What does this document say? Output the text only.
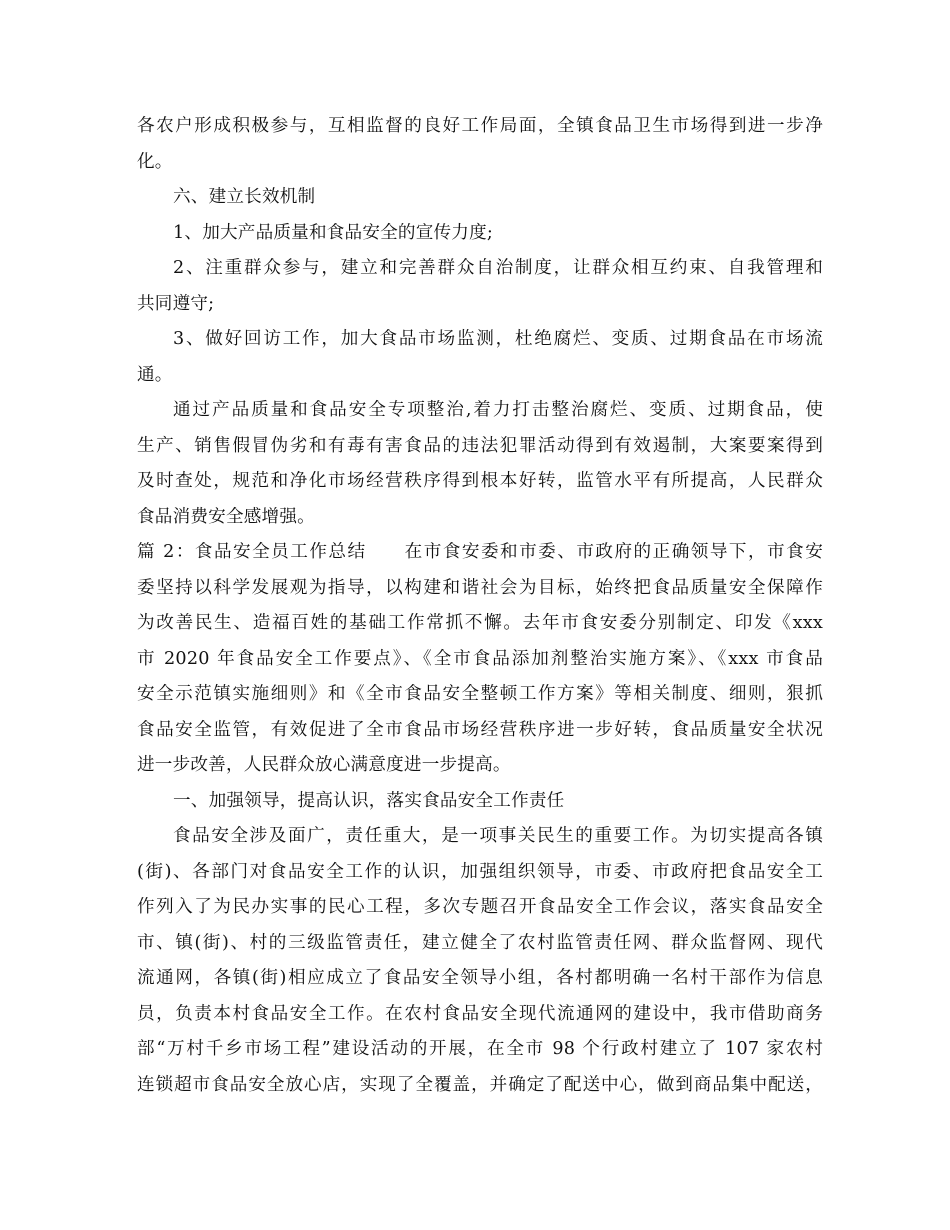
各农户形成积极参与，互相监督的良好工作局面，全镇食品卫生市场得到进一步净
化。
六、建立长效机制
1、加大产品质量和食品安全的宣传力度;
2、注重群众参与，建立和完善群众自治制度，让群众相互约束、自我管理和
共同遵守;
3、做好回访工作，加大食品市场监测，杜绝腐烂、变质、过期食品在市场流
通。
通过产品质量和食品安全专项整治,着力打击整治腐烂、变质、过期食品，使
生产、销售假冒伪劣和有毒有害食品的违法犯罪活动得到有效遏制，大案要案得到
及时查处，规范和净化市场经营秩序得到根本好转，监管水平有所提高，人民群众
食品消费安全感增强。
篇 2：食品安全员工作总结　　在市食安委和市委、市政府的正确领导下，市食安
委坚持以科学发展观为指导，以构建和谐社会为目标，始终把食品质量安全保障作
为改善民生、造福百姓的基础工作常抓不懈。去年市食安委分别制定、印发《xxx
市 2020 年食品安全工作要点》、《全市食品添加剂整治实施方案》、《xxx 市食品
安全示范镇实施细则》和《全市食品安全整顿工作方案》等相关制度、细则，狠抓
食品安全监管，有效促进了全市食品市场经营秩序进一步好转，食品质量安全状况
进一步改善，人民群众放心满意度进一步提高。
一、加强领导，提高认识，落实食品安全工作责任
食品安全涉及面广，责任重大，是一项事关民生的重要工作。为切实提高各镇
(街)、各部门对食品安全工作的认识，加强组织领导，市委、市政府把食品安全工
作列入了为民办实事的民心工程，多次专题召开食品安全工作会议，落实食品安全
市、镇(街)、村的三级监管责任，建立健全了农村监管责任网、群众监督网、现代
流通网，各镇(街)相应成立了食品安全领导小组，各村都明确一名村干部作为信息
员，负责本村食品安全工作。在农村食品安全现代流通网的建设中，我市借助商务
部“万村千乡市场工程”建设活动的开展，在全市 98 个行政村建立了 107 家农村
连锁超市食品安全放心店，实现了全覆盖，并确定了配送中心，做到商品集中配送，
